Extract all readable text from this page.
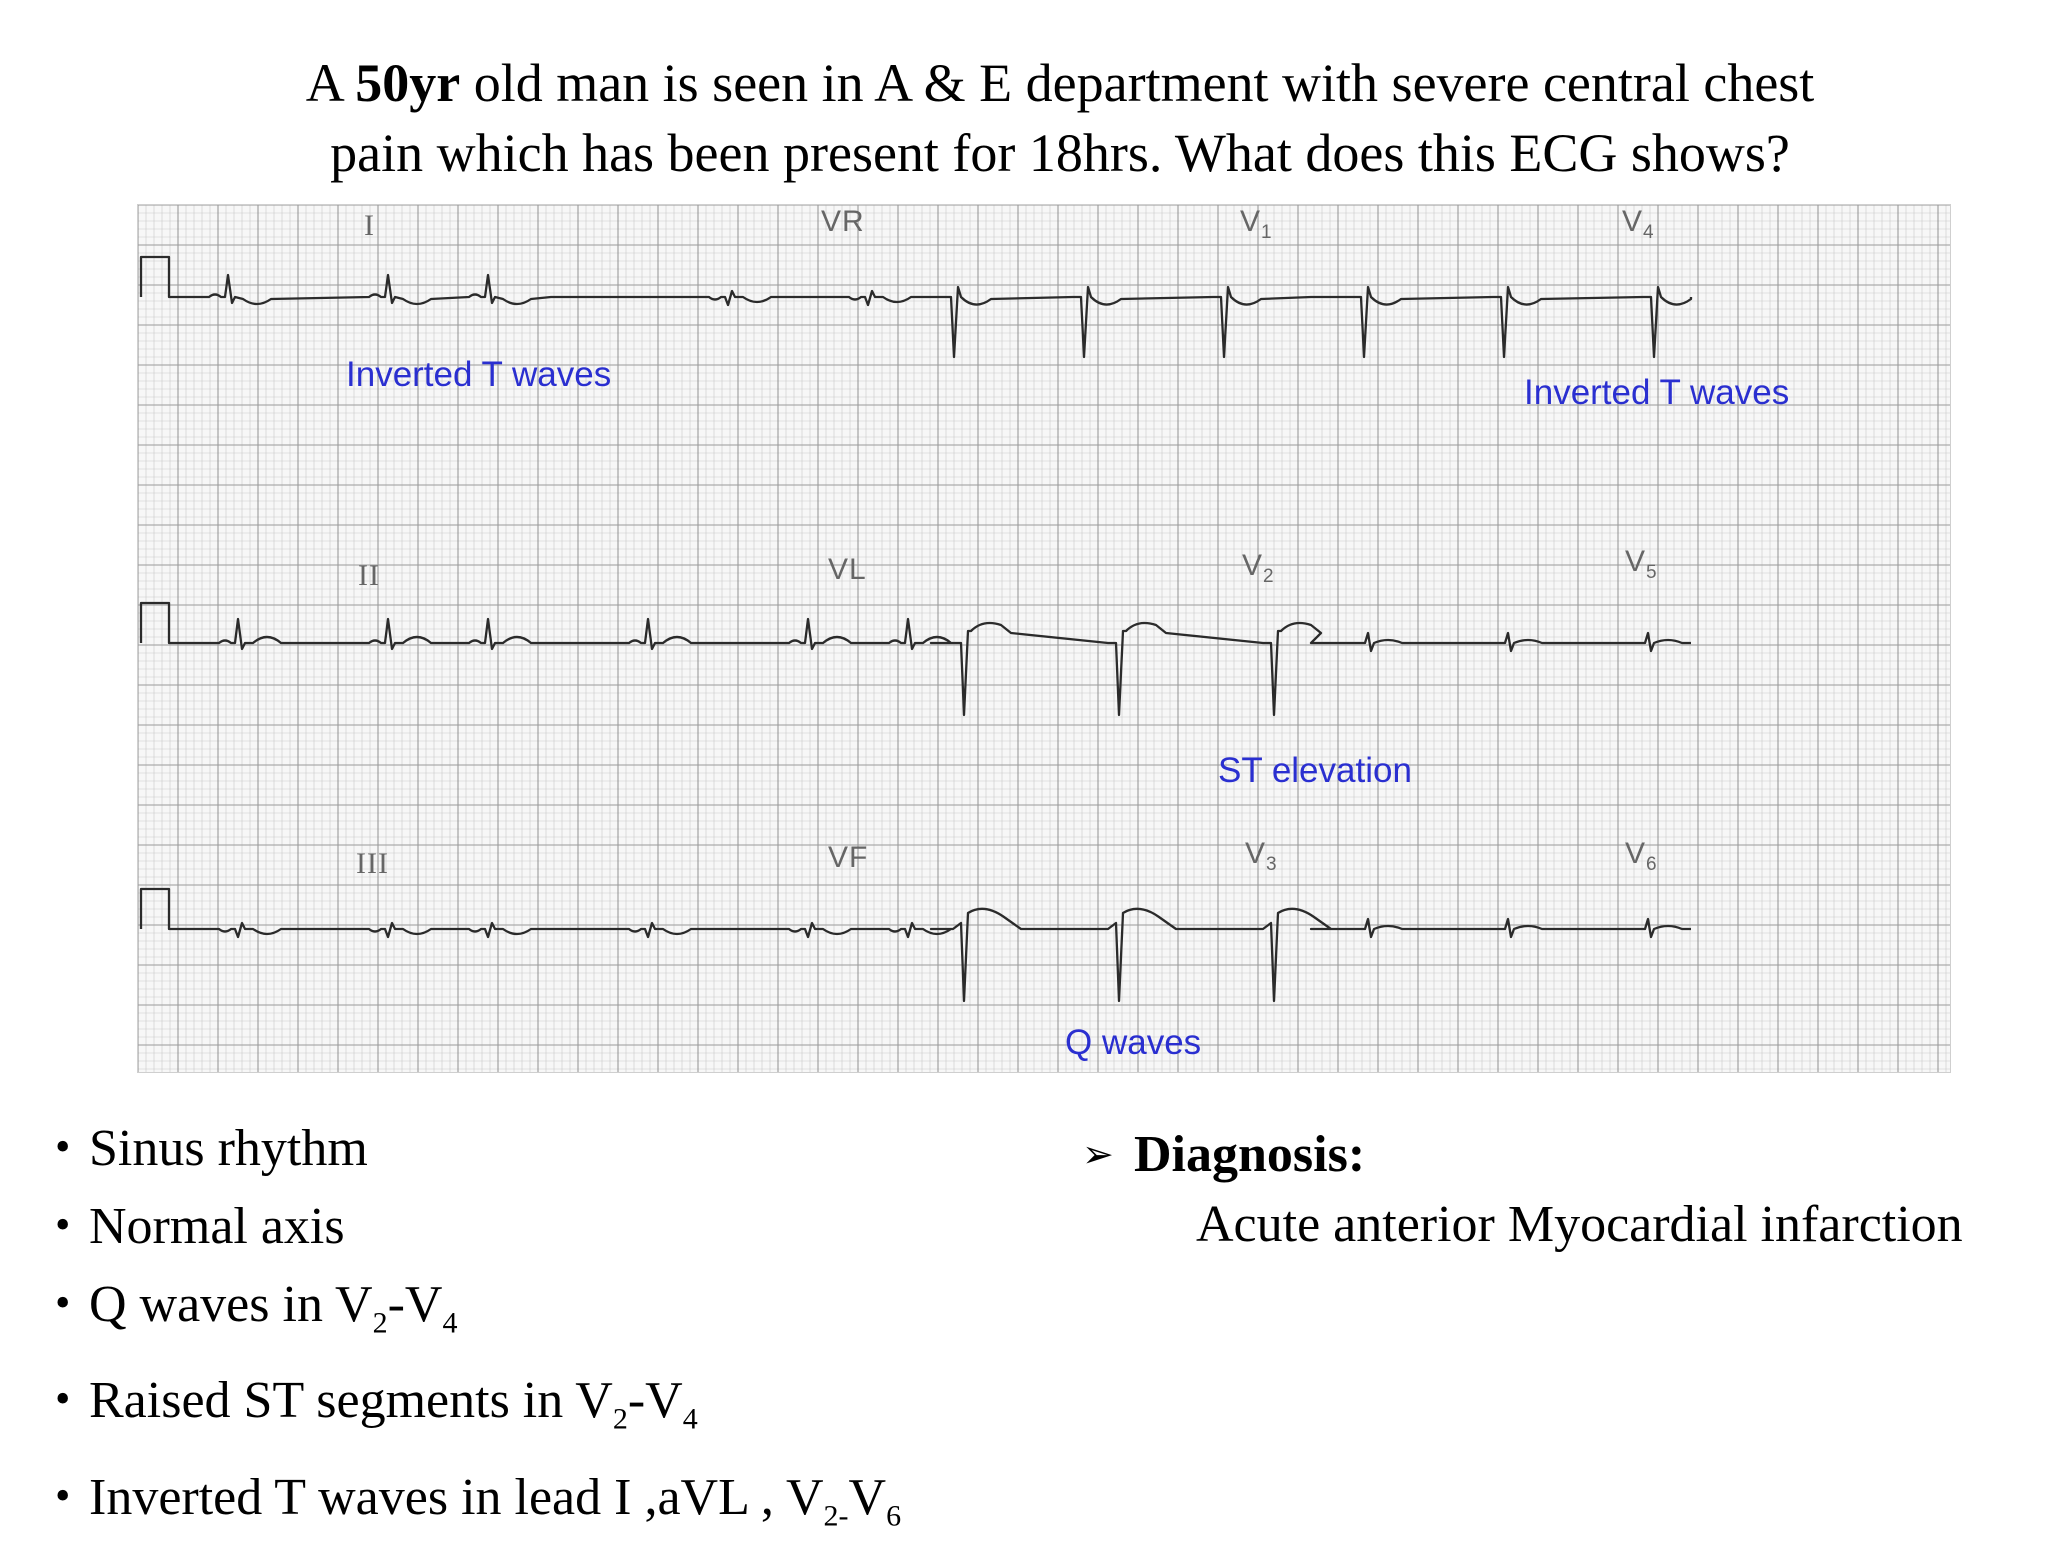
A 50yr old man is seen in A & E department with severe central chest
pain which has been present for 18hrs. What does this ECG shows?
I	VR	$V_1$	$V_4$
II	VL	$V_2$	$V_5$
III	VF	$V_3$	$V_6$
Inverted T waves	Inverted T waves
ST elevation
Q waves
• Sinus rhythm
• Normal axis
• Q waves in $V_2-V_4$
• Raised ST segments in $V_2-V_4$
• Inverted T waves in lead I ,aVL , $V_{2-}V_6$
➢ Diagnosis:
Acute anterior Myocardial infarction
